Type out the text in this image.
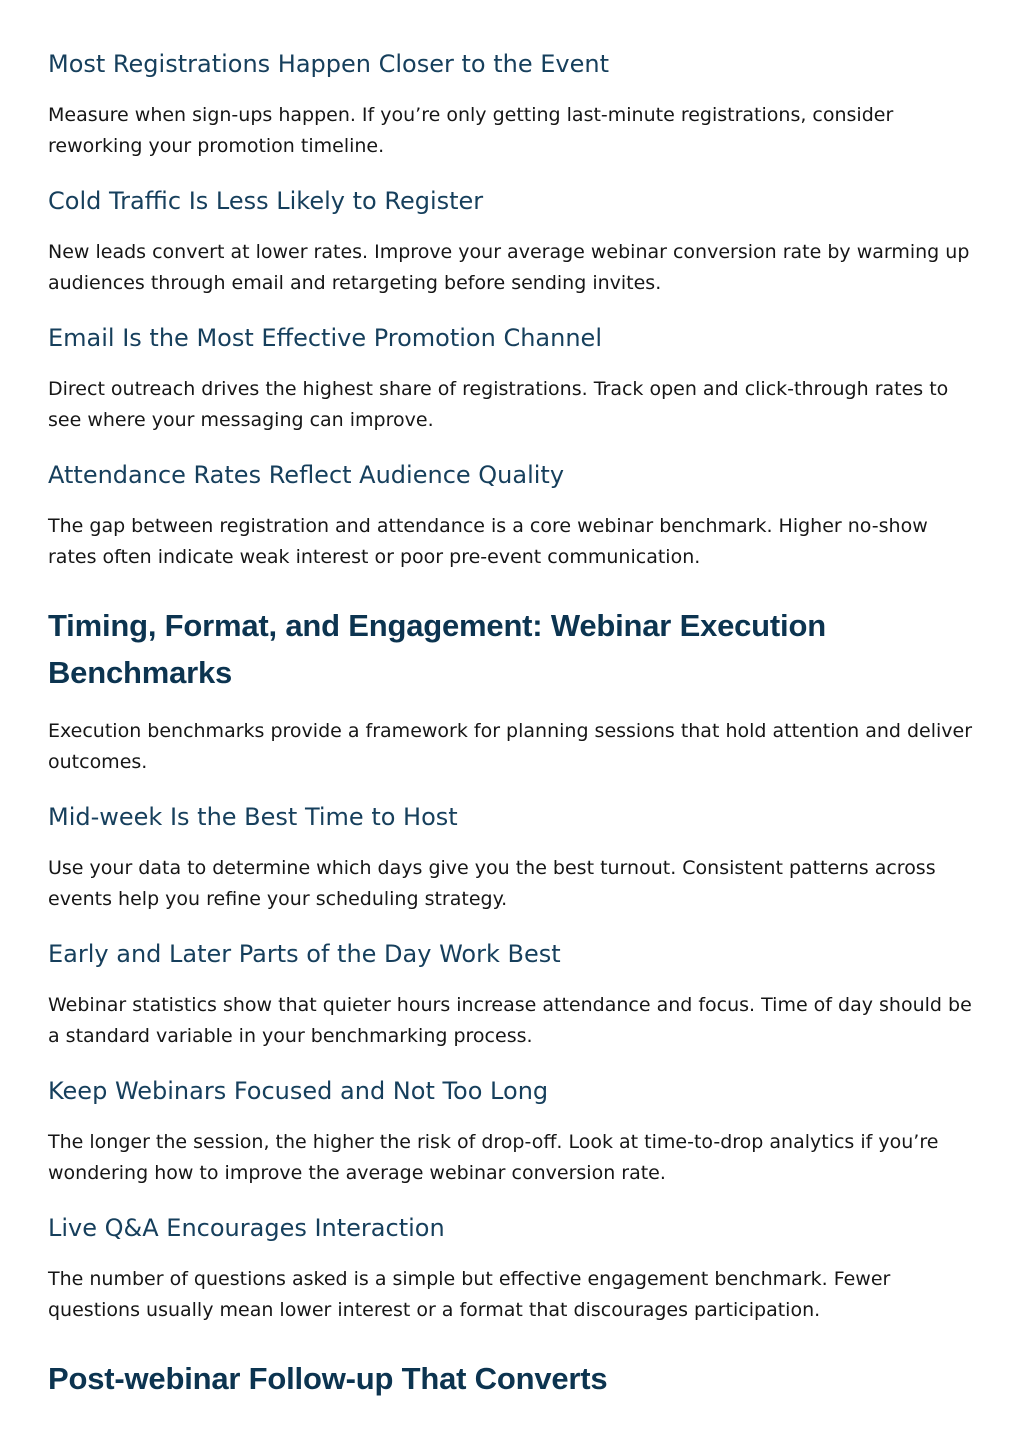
Most Registrations Happen Closer to the Event

Measure when sign-ups happen. If you’re only getting last-minute registrations, consider reworking your promotion timeline.

Cold Traffic Is Less Likely to Register

New leads convert at lower rates. Improve your average webinar conversion rate by warming up audiences through email and retargeting before sending invites.

Email Is the Most Effective Promotion Channel

Direct outreach drives the highest share of registrations. Track open and click-through rates to see where your messaging can improve.

Attendance Rates Reflect Audience Quality

The gap between registration and attendance is a core webinar benchmark. Higher no-show rates often indicate weak interest or poor pre-event communication.

Timing, Format, and Engagement: Webinar Execution Benchmarks

Execution benchmarks provide a framework for planning sessions that hold attention and deliver outcomes.

Mid-week Is the Best Time to Host

Use your data to determine which days give you the best turnout. Consistent patterns across events help you refine your scheduling strategy.

Early and Later Parts of the Day Work Best

Webinar statistics show that quieter hours increase attendance and focus. Time of day should be a standard variable in your benchmarking process.

Keep Webinars Focused and Not Too Long

The longer the session, the higher the risk of drop-off. Look at time-to-drop analytics if you’re wondering how to improve the average webinar conversion rate.

Live Q&A Encourages Interaction

The number of questions asked is a simple but effective engagement benchmark. Fewer questions usually mean lower interest or a format that discourages participation.

Post-webinar Follow-up That Converts
